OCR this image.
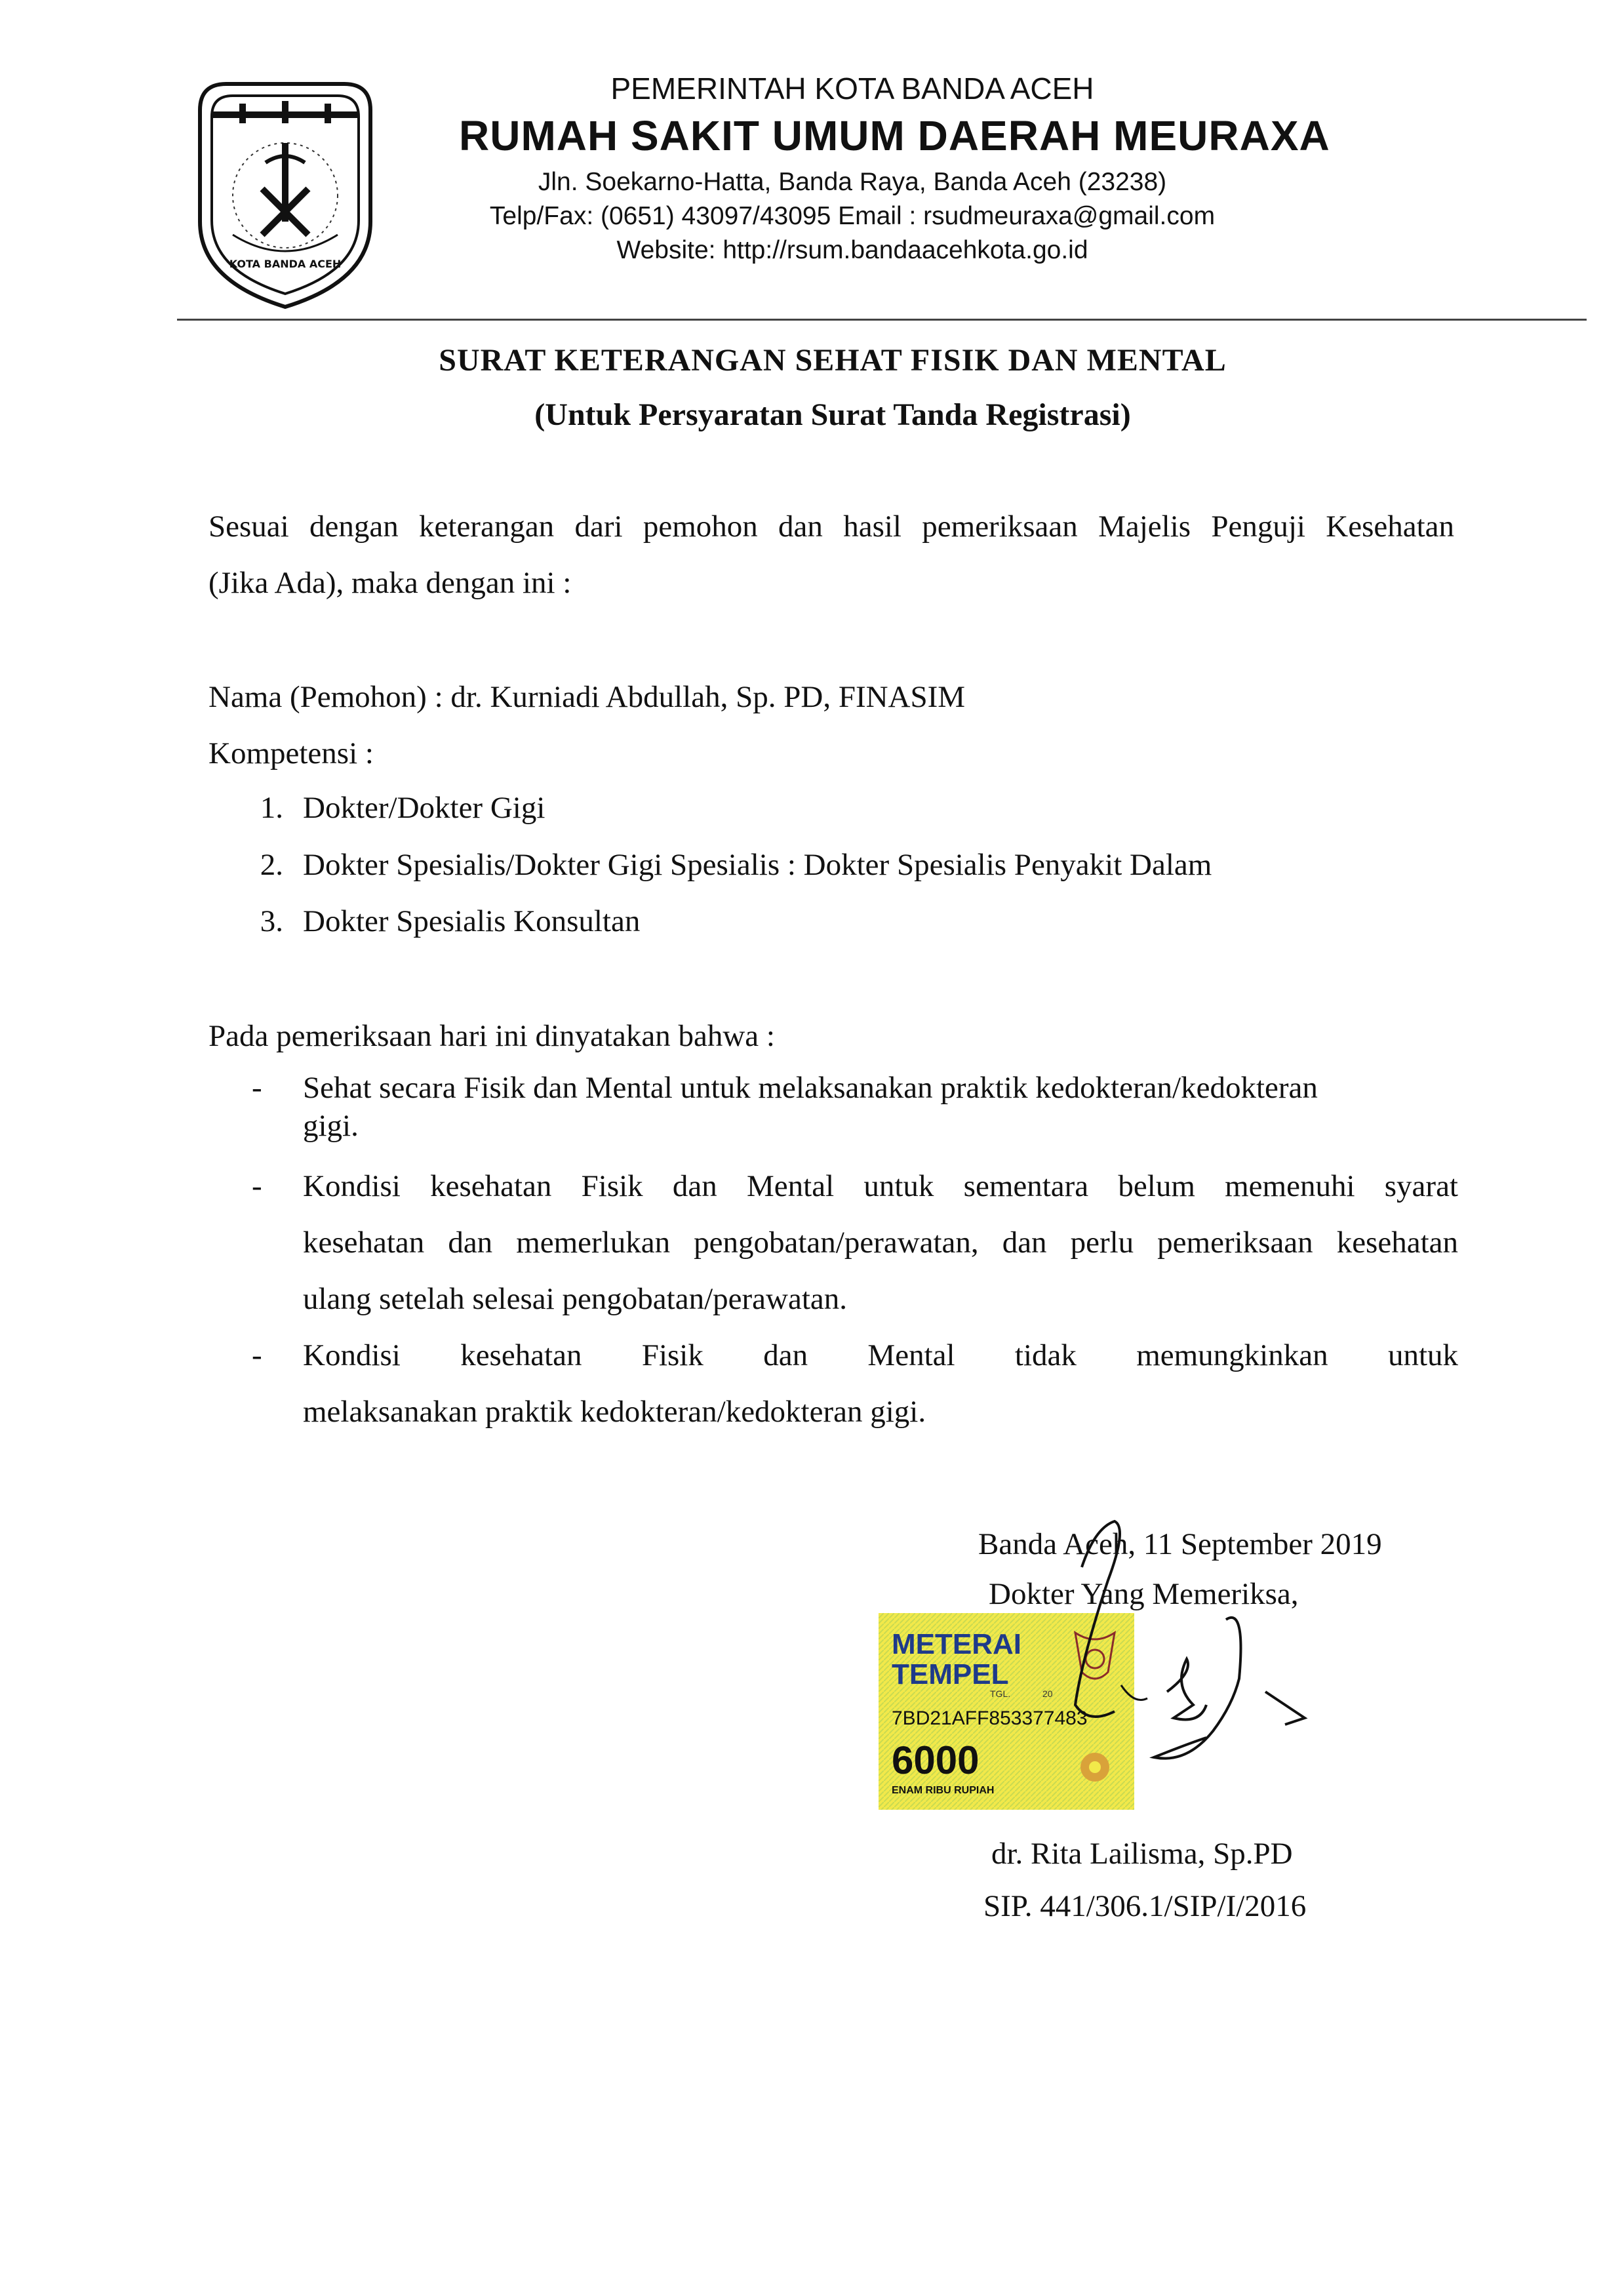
KOTA BANDA ACEH
PEMERINTAH KOTA BANDA ACEH
RUMAH SAKIT UMUM DAERAH MEURAXA
Jln. Soekarno-Hatta, Banda Raya, Banda Aceh (23238)
Telp/Fax: (0651) 43097/43095 Email : rsudmeuraxa@gmail.com
Website: http://rsum.bandaacehkota.go.id
SURAT KETERANGAN SEHAT FISIK DAN MENTAL
(Untuk Persyaratan Surat Tanda Registrasi)
Sesuai dengan keterangan dari pemohon dan hasil pemeriksaan Majelis Penguji Kesehatan
(Jika Ada), maka dengan ini :
Nama (Pemohon) : dr. Kurniadi Abdullah, Sp. PD, FINASIM
Kompetensi :
1. Dokter/Dokter Gigi
2. Dokter Spesialis/Dokter Gigi Spesialis : Dokter Spesialis Penyakit Dalam
3. Dokter Spesialis Konsultan
Pada pemeriksaan hari ini dinyatakan bahwa :
- Sehat secara Fisik dan Mental untuk melaksanakan praktik kedokteran/kedokteran
gigi.
- Kondisi kesehatan Fisik dan Mental untuk sementara belum memenuhi syarat
kesehatan dan memerlukan pengobatan/perawatan, dan perlu pemeriksaan kesehatan
ulang setelah selesai pengobatan/perawatan.
- Kondisi kesehatan Fisik dan Mental tidak memungkinkan untuk
melaksanakan praktik kedokteran/kedokteran gigi.
Banda Aceh, 11 September 2019
Dokter Yang Memeriksa,
METERAI
TEMPEL
TGL.	20
7BD21AFF853377483
6000
ENAM RIBU RUPIAH
dr. Rita Lailisma, Sp.PD
SIP. 441/306.1/SIP/I/2016
